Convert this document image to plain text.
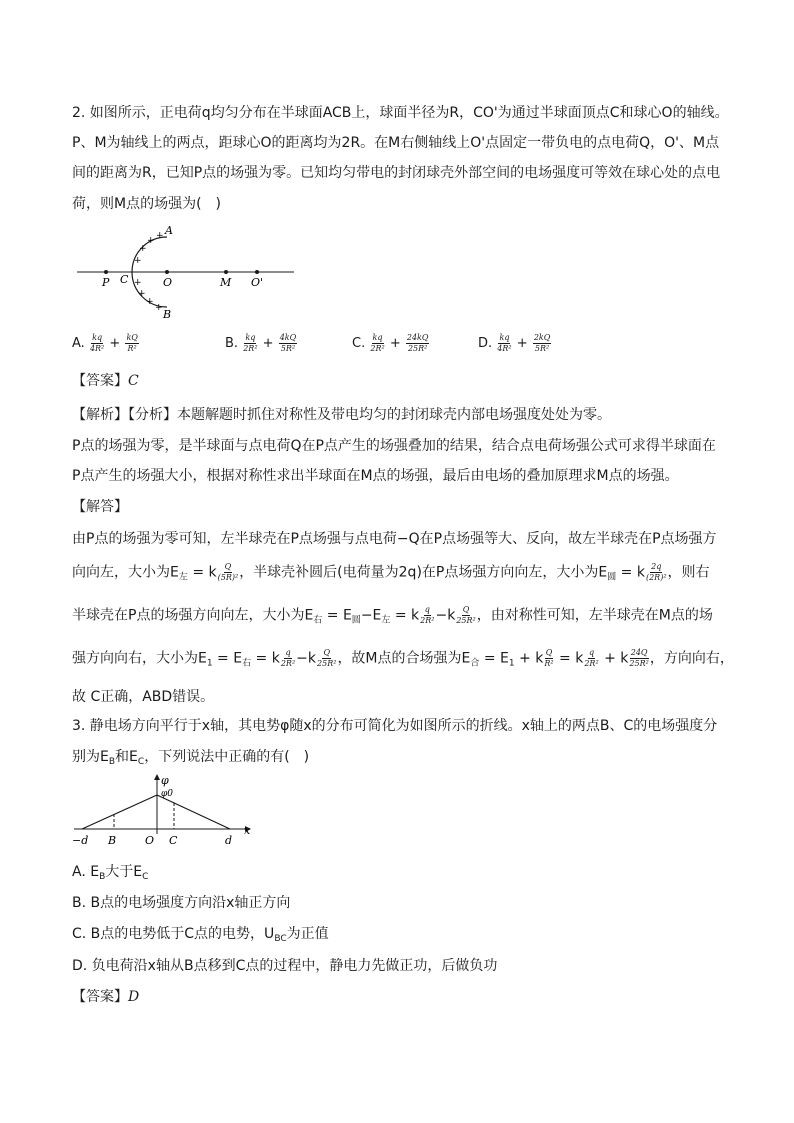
2. 如图所示，正电荷q均匀分布在半球面ACB上，球面半径为R，CO'为通过半球面顶点C和球心O的轴线。
P、M为轴线上的两点，距球心O的距离均为2R。在M右侧轴线上O'点固定一带负电的点电荷Q，O'、M点
间的距离为R，已知P点的场强为零。已知均匀带电的封闭球壳外部空间的电场强度可等效在球心处的点电
荷，则M点的场强为(　)
+
+
+
+
+
+
+
+
A
B
C
P	O	M O'
A. $\frac{kq}{\text{4R²}} + \frac{kQ}{\text{R²}}$	B. $\frac{kq}{\text{2R²}} + \frac{4kQ}{\text{5R²}}$	C. $\frac{kq}{\text{2R²}} + \frac{24kQ}{\text{25R²}}$	D. $\frac{kq}{\text{4R²}} + \frac{2kQ}{\text{5R²}}$
【答案】C
【解析】【分析】本题解题时抓住对称性及带电均匀的封闭球壳内部电场强度处处为零。
P点的场强为零，是半球面与点电荷Q在P点产生的场强叠加的结果，结合点电荷场强公式可求得半球面在
P点产生的场强大小，根据对称性求出半球面在M点的场强，最后由电场的叠加原理求M点的场强。
【解答】
由P点的场强为零可知，左半球壳在P点场强与点电荷−Q在P点场强等大、反向，故左半球壳在P点场强方
向向左，大小为$E_左 = k \frac{Q}{\text{(5R)²}}$ ，半球壳补圆后(电荷量为2q)在P点场强方向向左，大小为$E_圆 = k \frac{2q}{\text{(2R)²}}$ ，则右
半球壳在P点的场强方向向左，大小为$E_右 = E_圆-E_左 = k \frac{q}{\text{2R²}} -k \frac{Q}{\text{25R²}}$ ，由对称性可知，左半球壳在M点的场
强方向向右，大小为$E_1 = E_右 = k \frac{q}{\text{2R²}} -k \frac{Q}{\text{25R²}}$ ，故M点的合场强为$E_合 = E_1 + k \frac{Q}{\text{R²}} = k \frac{q}{\text{2R²}} + k \frac{24Q}{\text{25R²}}$ ，方向向右，
故 C正确，ABD错误。
3. 静电场方向平行于x轴，其电势φ随x的分布可简化为如图所示的折线。x轴上的两点B、C的电场强度分
别为$E_B$和$E_C$，下列说法中正确的有(　)
φ
φ0
−d B	O C	d
x
A. $E_B$大于$E_C$
B. B点的电场强度方向沿x轴正方向
C. B点的电势低于C点的电势，$U_{BC}$为正值
D. 负电荷沿x轴从B点移到C点的过程中，静电力先做正功，后做负功
【答案】D
